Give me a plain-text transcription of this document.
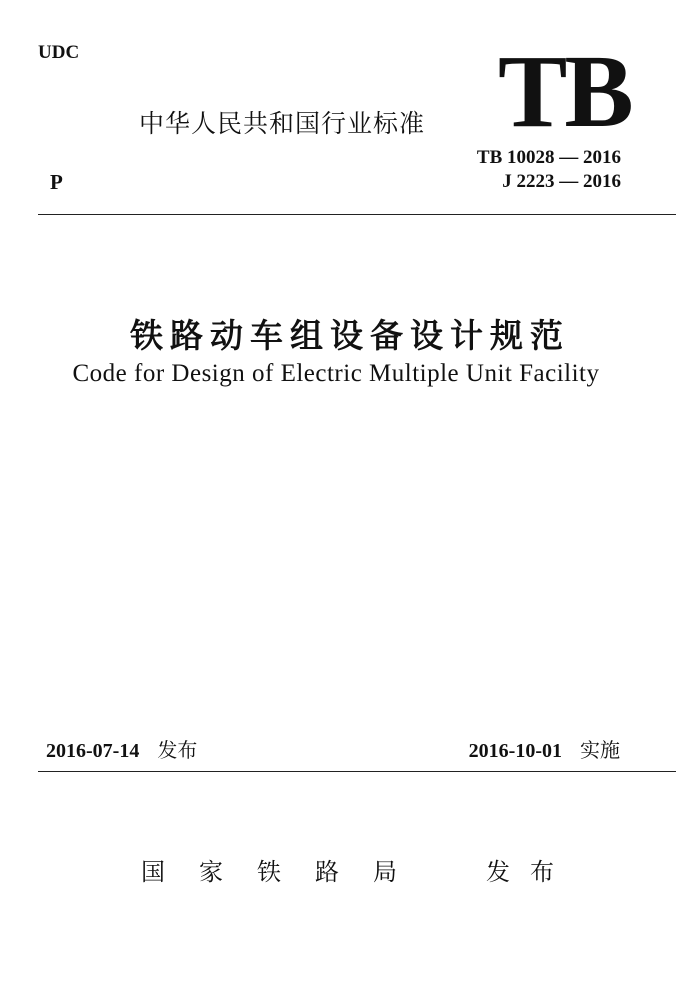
UDC
中华人民共和国行业标准 TB
P
TB 10028 — 2016
J 2223 — 2016
铁路动车组设备设计规范
Code for Design of Electric Multiple Unit Facility
2016-07-14 发布	2016-10-01 实施
国 家 铁 路 局	发 布
